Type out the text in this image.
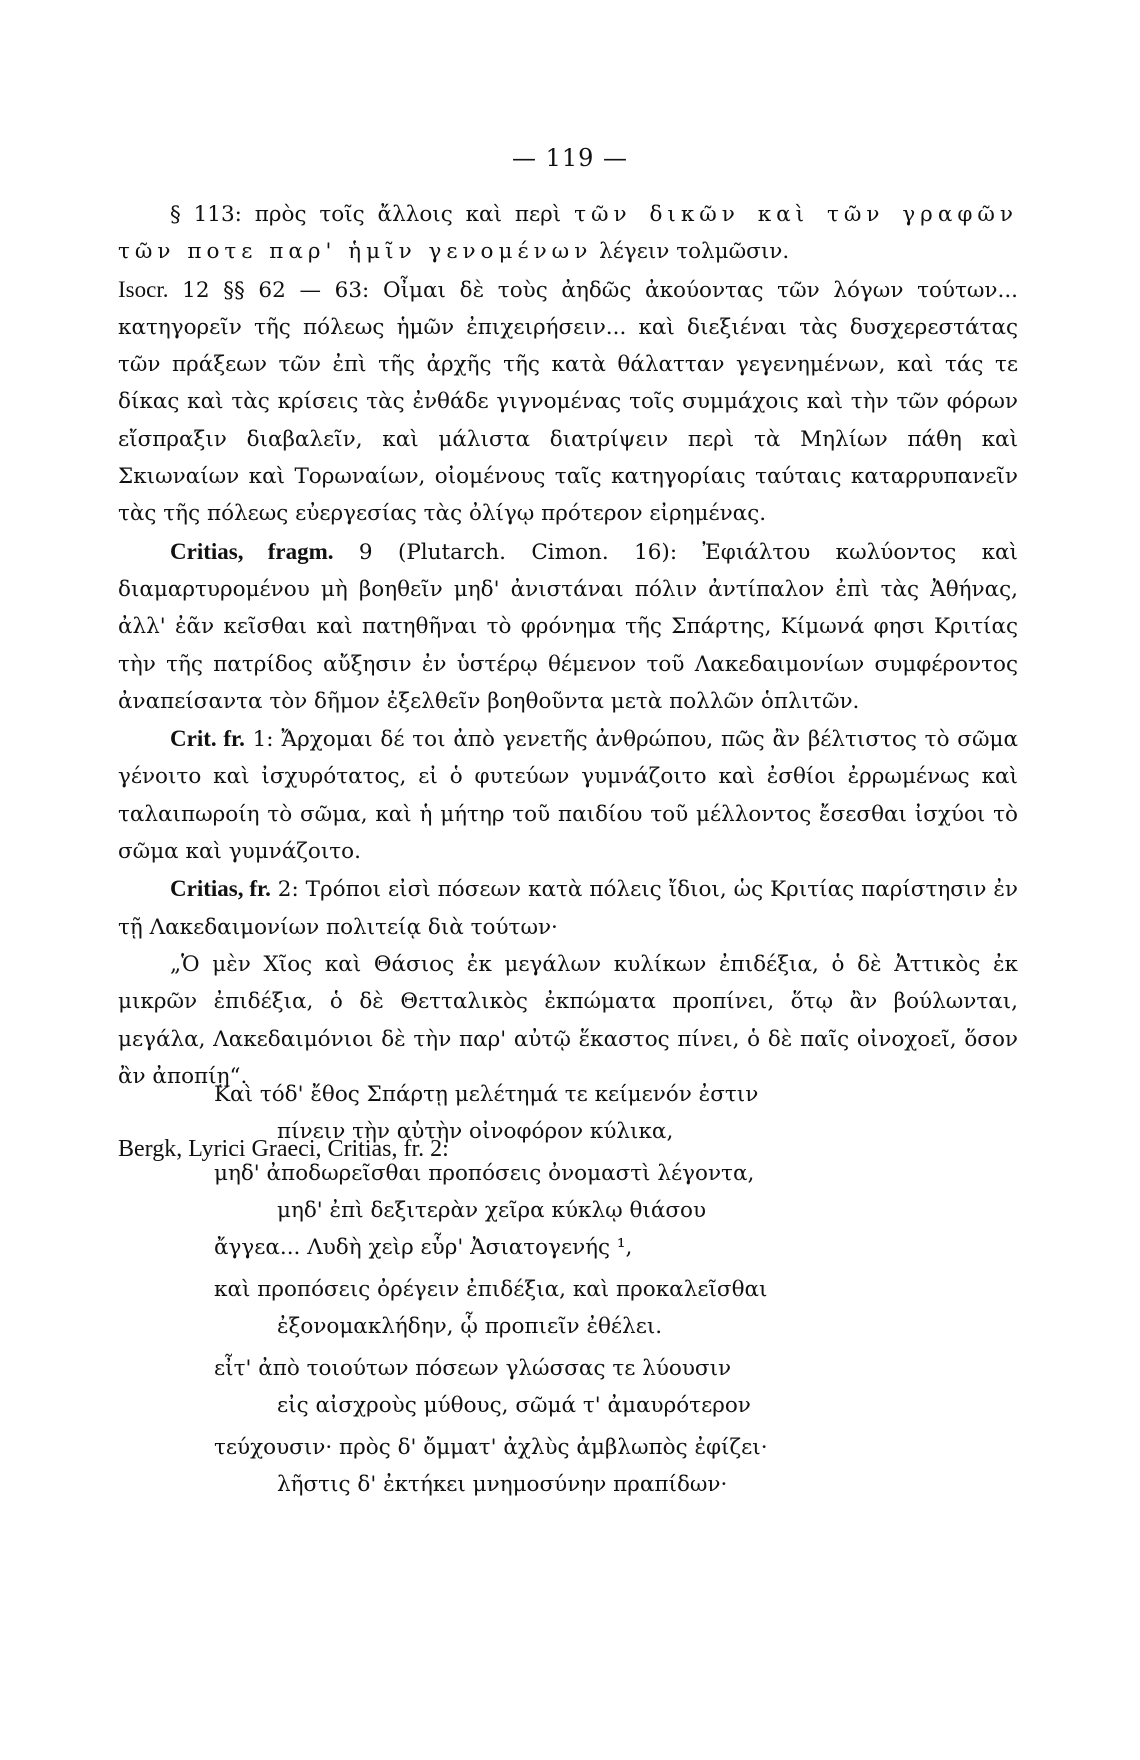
— 119 —

§ 113: πρὸς τοῖς ἄλλοις καὶ περὶ τῶν δικῶν καὶ τῶν γραφῶν τῶν ποτε παρ' ἡμῖν γενομένων λέγειν τολμῶσιν.

Isocr. 12 §§ 62 — 63: Οἶμαι δὲ τοὺς ἀηδῶς ἀκούοντας τῶν λόγων τούτων... κατηγορεῖν τῆς πόλεως ἡμῶν ἐπιχειρήσειν... καὶ διεξιέναι τὰς δυσχερεστάτας τῶν πράξεων τῶν ἐπὶ τῆς ἀρχῆς τῆς κατὰ θάλατταν γεγενημένων, καὶ τάς τε δίκας καὶ τὰς κρίσεις τὰς ἐνθάδε γιγνομένας τοῖς συμμάχοις καὶ τὴν τῶν φόρων εἴσπραξιν διαβαλεῖν, καὶ μάλιστα διατρίψειν περὶ τὰ Μηλίων πάθη καὶ Σκιωναίων καὶ Τορωναίων, οἰομένους ταῖς κατηγορίαις ταύταις καταρρυπανεῖν τὰς τῆς πόλεως εὐεργεσίας τὰς ὀλίγῳ πρότερον εἰρημένας.

Critias, fragm. 9 (Plutarch. Cimon. 16): Ἐφιάλτου κωλύοντος καὶ διαμαρτυρομένου μὴ βοηθεῖν μηδ' ἀνιστάναι πόλιν ἀντίπαλον ἐπὶ τὰς Ἀθήνας, ἀλλ' ἐᾶν κεῖσθαι καὶ πατηθῆναι τὸ φρόνημα τῆς Σπάρτης, Κίμωνά φησι Κριτίας τὴν τῆς πατρίδος αὔξησιν ἐν ὑστέρῳ θέμενον τοῦ Λακεδαιμονίων συμφέροντος ἀναπείσαντα τὸν δῆμον ἐξελθεῖν βοηθοῦντα μετὰ πολλῶν ὁπλιτῶν.

Crit. fr. 1: Ἄρχομαι δέ τοι ἀπὸ γενετῆς ἀνθρώπου, πῶς ἂν βέλτιστος τὸ σῶμα γένοιτο καὶ ἰσχυρότατος, εἰ ὁ φυτεύων γυμνάζοιτο καὶ ἐσθίοι ἐρρωμένως καὶ ταλαιπωροίη τὸ σῶμα, καὶ ἡ μήτηρ τοῦ παιδίου τοῦ μέλλοντος ἔσεσθαι ἰσχύοι τὸ σῶμα καὶ γυμνάζοιτο.

Critias, fr. 2: Τρόποι εἰσὶ πόσεων κατὰ πόλεις ἴδιοι, ὡς Κριτίας παρίστησιν ἐν τῇ Λακεδαιμονίων πολιτείᾳ διὰ τούτων·

„Ὁ μὲν Χῖος καὶ Θάσιος ἐκ μεγάλων κυλίκων ἐπιδέξια, ὁ δὲ Ἀττικὸς ἐκ μικρῶν ἐπιδέξια, ὁ δὲ Θετταλικὸς ἐκπώματα προπίνει, ὅτῳ ἂν βούλωνται, μεγάλα, Λακεδαιμόνιοι δὲ τὴν παρ' αὐτῷ ἕκαστος πίνει, ὁ δὲ παῖς οἰνοχοεῖ, ὅσον ἂν ἀποπίῃ“.

Bergk, Lyrici Graeci, Critias, fr. 2:

Καὶ τόδ' ἔθος Σπάρτῃ μελέτημά τε κείμενόν ἐστιν
πίνειν τὴν αὐτὴν οἰνοφόρον κύλικα,
μηδ' ἀποδωρεῖσθαι προπόσεις ὀνομαστὶ λέγοντα,
μηδ' ἐπὶ δεξιτερὰν χεῖρα κύκλῳ θιάσου
ἄγγεα... Λυδὴ χεὶρ εὗρ' Ἀσιατογενής ¹,
καὶ προπόσεις ὀρέγειν ἐπιδέξια, καὶ προκαλεῖσθαι
ἐξονομακλήδην, ᾧ προπιεῖν ἐθέλει.
εἶτ' ἀπὸ τοιούτων πόσεων γλώσσας τε λύουσιν
εἰς αἰσχροὺς μύθους, σῶμά τ' ἀμαυρότερον
τεύχουσιν· πρὸς δ' ὄμματ' ἀχλὺς ἀμβλωπὸς ἐφίζει·
λῆστις δ' ἐκτήκει μνημοσύνην πραπίδων·
